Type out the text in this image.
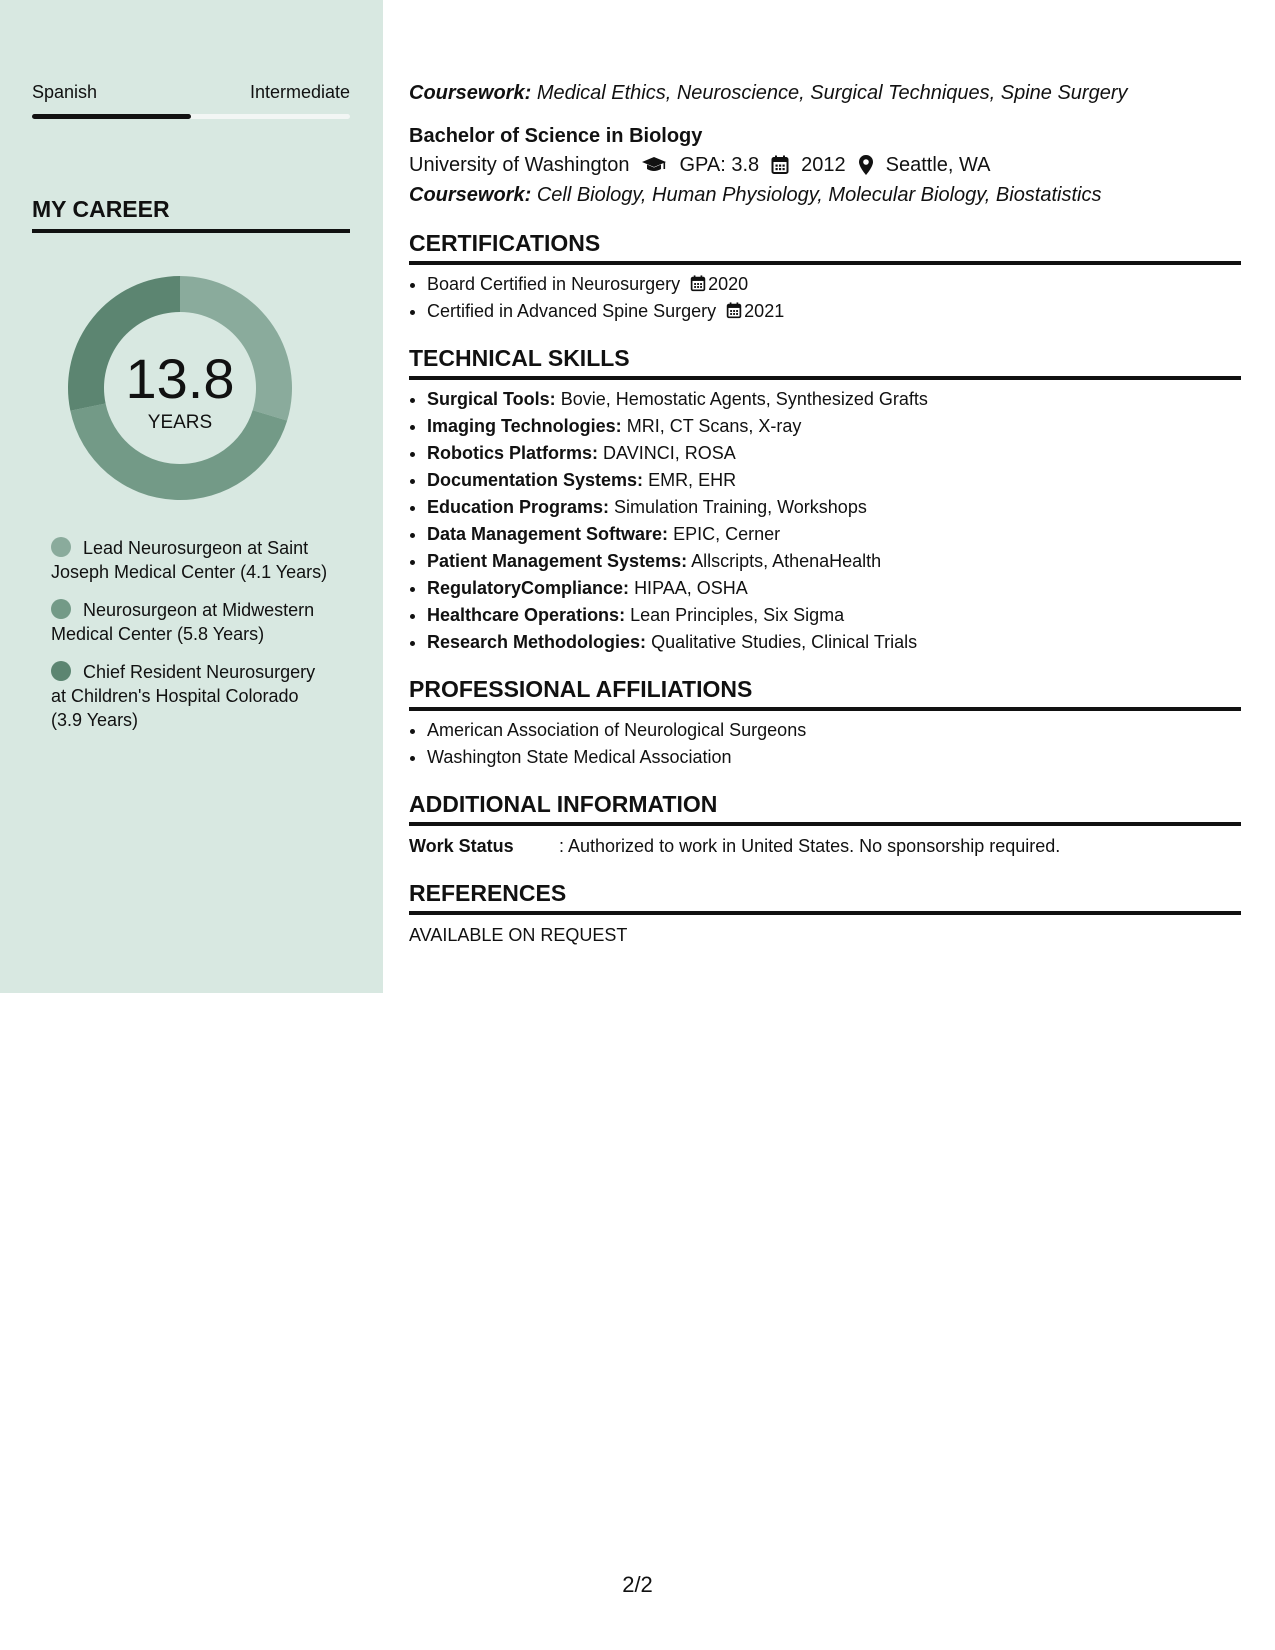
Spanish	Intermediate
MY CAREER
13.8
YEARS
Lead Neurosurgeon at Saint Joseph Medical Center (4.1 Years)
Neurosurgeon at Midwestern Medical Center (5.8 Years)
Chief Resident Neurosurgery at Children's Hospital Colorado (3.9 Years)
Coursework: Medical Ethics, Neuroscience, Surgical Techniques, Spine Surgery
Bachelor of Science in Biology
University of Washington	GPA: 3.8 2012 Seattle, WA
Coursework: Cell Biology, Human Physiology, Molecular Biology, Biostatistics
CERTIFICATIONS
• Board Certified in Neurosurgery 2020
• Certified in Advanced Spine Surgery 2021
TECHNICAL SKILLS
• Surgical Tools: Bovie, Hemostatic Agents, Synthesized Grafts
• Imaging Technologies: MRI, CT Scans, X-ray
• Robotics Platforms: DAVINCI, ROSA
• Documentation Systems: EMR, EHR
• Education Programs: Simulation Training, Workshops
• Data Management Software: EPIC, Cerner
• Patient Management Systems: Allscripts, AthenaHealth
• RegulatoryCompliance: HIPAA, OSHA
• Healthcare Operations: Lean Principles, Six Sigma
• Research Methodologies: Qualitative Studies, Clinical Trials
PROFESSIONAL AFFILIATIONS
• American Association of Neurological Surgeons
• Washington State Medical Association
ADDITIONAL INFORMATION
Work Status	: Authorized to work in United States. No sponsorship required.
REFERENCES
AVAILABLE ON REQUEST
2/2
